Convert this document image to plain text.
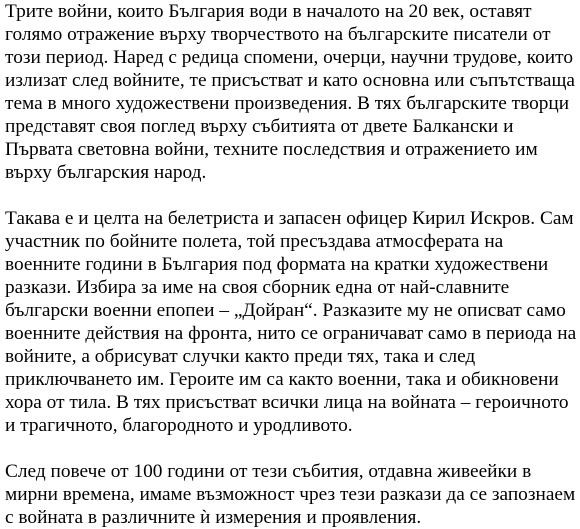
Трите войни, които България води в началото на 20 век, оставят
голямо отражение върху творчеството на българските писатели от
този период. Наред с редица спомени, очерци, научни трудове, които
излизат след войните, те присъстват и като основна или съпътстваща
тема в много художествени произведения. В тях българските творци
представят своя поглед върху събитията от двете Балкански и
Първата световна войни, техните последствия и отражението им
върху българския народ.

Такава е и целта на белетриста и запасен офицер Кирил Искров. Сам
участник по бойните полета, той пресъздава атмосферата на
военните години в България под формата на кратки художествени
разкази. Избира за име на своя сборник една от най-славните
български военни епопеи – „Дойран“. Разказите му не описват само
военните действия на фронта, нито се ограничават само в периода на
войните, а обрисуват случки както преди тях, така и след
приключването им. Героите им са както военни, така и обикновени
хора от тила. В тях присъстват всички лица на войната – героичното
и трагичното, благородното и уродливото.

След повече от 100 години от тези събития, отдавна живеейки в
мирни времена, имаме възможност чрез тези разкази да се запознаем
с войната в различните ѝ измерения и проявления.
